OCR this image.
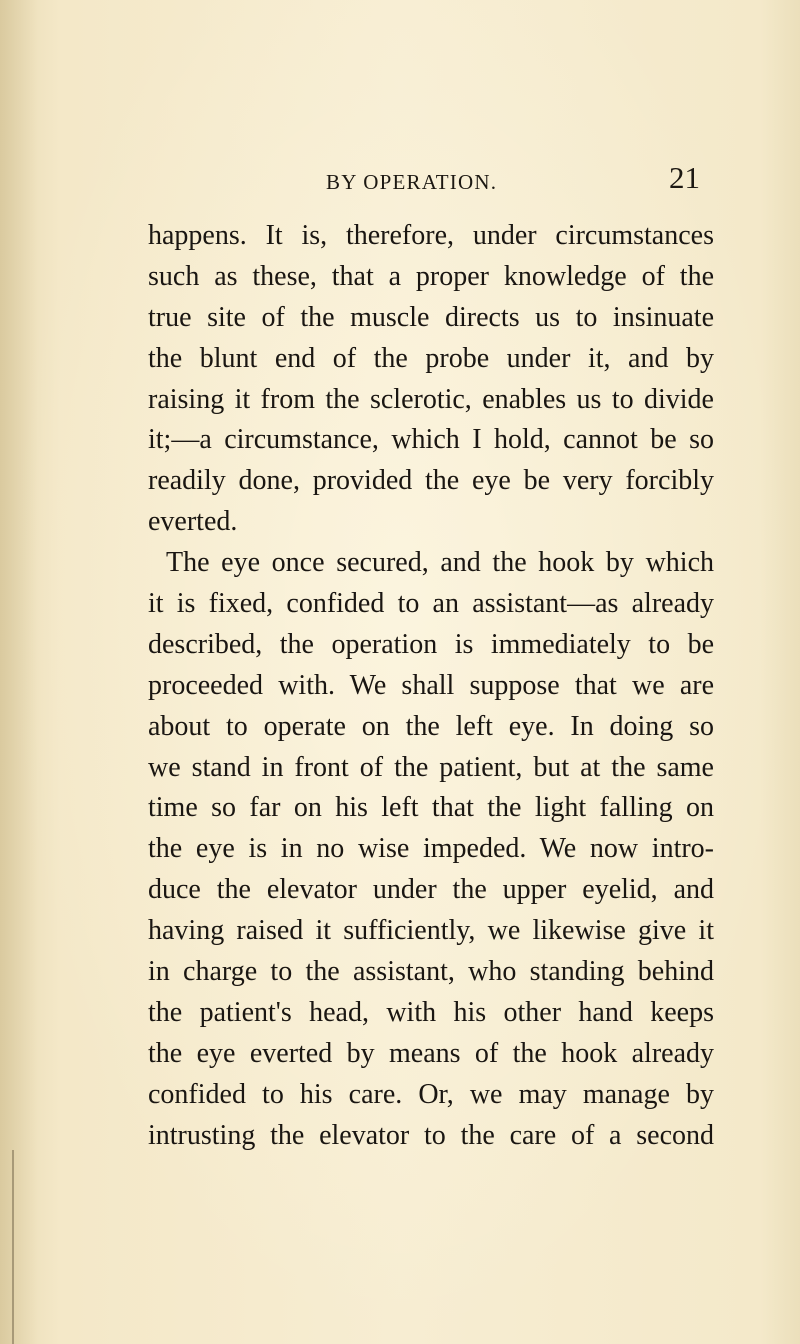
BY OPERATION.	21
happens. It is, therefore, under circumstances
such as these, that a proper knowledge of the
true site of the muscle directs us to insinuate
the blunt end of the probe under it, and by
raising it from the sclerotic, enables us to divide
it;—a circumstance, which I hold, cannot be so
readily done, provided the eye be very forcibly
everted.
The eye once secured, and the hook by which
it is fixed, confided to an assistant—as already
described, the operation is immediately to be
proceeded with. We shall suppose that we are
about to operate on the left eye. In doing so
we stand in front of the patient, but at the same
time so far on his left that the light falling on
the eye is in no wise impeded. We now intro-
duce the elevator under the upper eyelid, and
having raised it sufficiently, we likewise give it
in charge to the assistant, who standing behind
the patient's head, with his other hand keeps
the eye everted by means of the hook already
confided to his care. Or, we may manage by
intrusting the elevator to the care of a second
